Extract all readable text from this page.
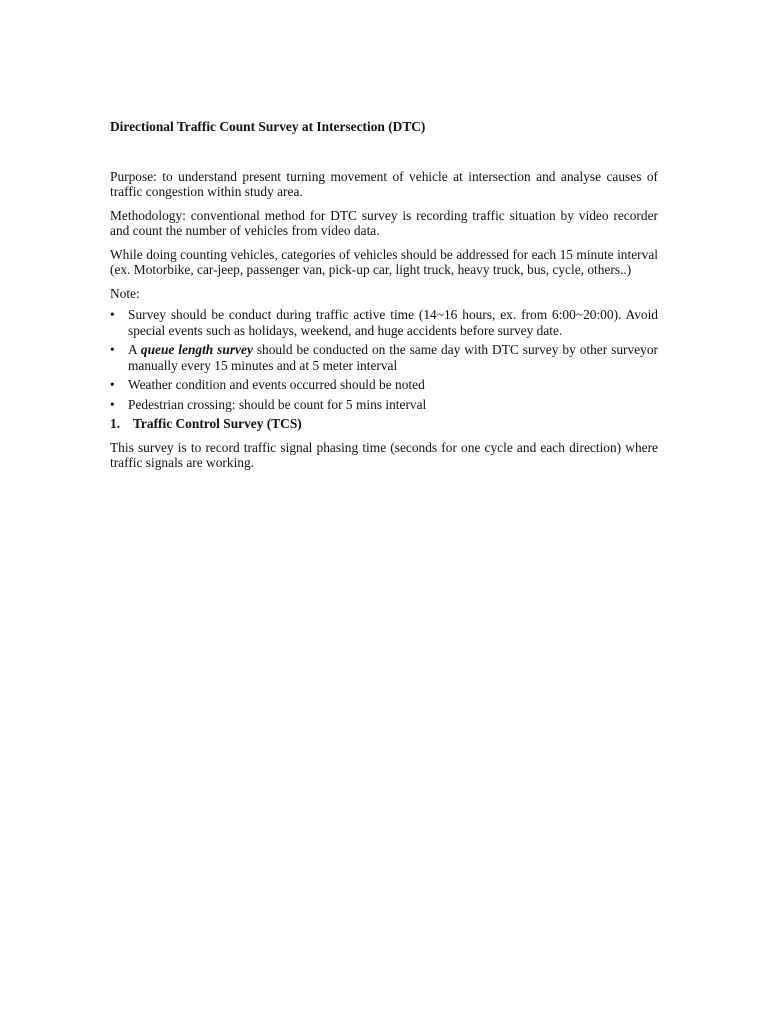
Directional Traffic Count Survey at Intersection (DTC)

Purpose: to understand present turning movement of vehicle at intersection and analyse causes of traffic congestion within study area.

Methodology: conventional method for DTC survey is recording traffic situation by video recorder and count the number of vehicles from video data.

While doing counting vehicles, categories of vehicles should be addressed for each 15 minute interval (ex. Motorbike, car-jeep, passenger van, pick-up car, light truck, heavy truck, bus, cycle, others..)

Note:

• Survey should be conduct during traffic active time (14~16 hours, ex. from 6:00~20:00). Avoid special events such as holidays, weekend, and huge accidents before survey date.
• A queue length survey should be conducted on the same day with DTC survey by other surveyor manually every 15 minutes and at 5 meter interval
• Weather condition and events occurred should be noted
• Pedestrian crossing: should be count for 5 mins interval

1. Traffic Control Survey (TCS)

This survey is to record traffic signal phasing time (seconds for one cycle and each direction) where traffic signals are working.
